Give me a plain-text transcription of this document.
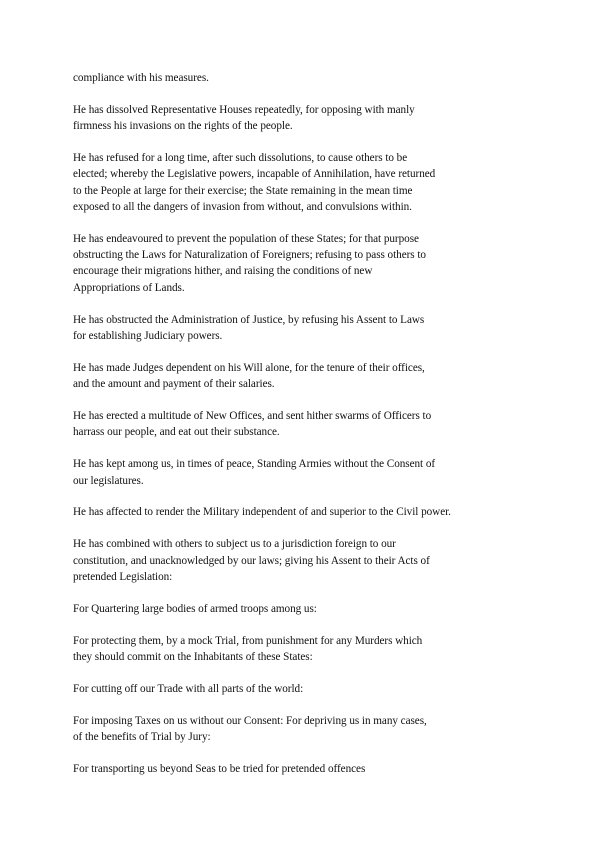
compliance with his measures.

He has dissolved Representative Houses repeatedly, for opposing with manly
firmness his invasions on the rights of the people.

He has refused for a long time, after such dissolutions, to cause others to be
elected; whereby the Legislative powers, incapable of Annihilation, have returned
to the People at large for their exercise; the State remaining in the mean time
exposed to all the dangers of invasion from without, and convulsions within.

He has endeavoured to prevent the population of these States; for that purpose
obstructing the Laws for Naturalization of Foreigners; refusing to pass others to
encourage their migrations hither, and raising the conditions of new
Appropriations of Lands.

He has obstructed the Administration of Justice, by refusing his Assent to Laws
for establishing Judiciary powers.

He has made Judges dependent on his Will alone, for the tenure of their offices,
and the amount and payment of their salaries.

He has erected a multitude of New Offices, and sent hither swarms of Officers to
harrass our people, and eat out their substance.

He has kept among us, in times of peace, Standing Armies without the Consent of
our legislatures.

He has affected to render the Military independent of and superior to the Civil power.

He has combined with others to subject us to a jurisdiction foreign to our
constitution, and unacknowledged by our laws; giving his Assent to their Acts of
pretended Legislation:

For Quartering large bodies of armed troops among us:

For protecting them, by a mock Trial, from punishment for any Murders which
they should commit on the Inhabitants of these States:

For cutting off our Trade with all parts of the world:

For imposing Taxes on us without our Consent: For depriving us in many cases,
of the benefits of Trial by Jury:

For transporting us beyond Seas to be tried for pretended offences
